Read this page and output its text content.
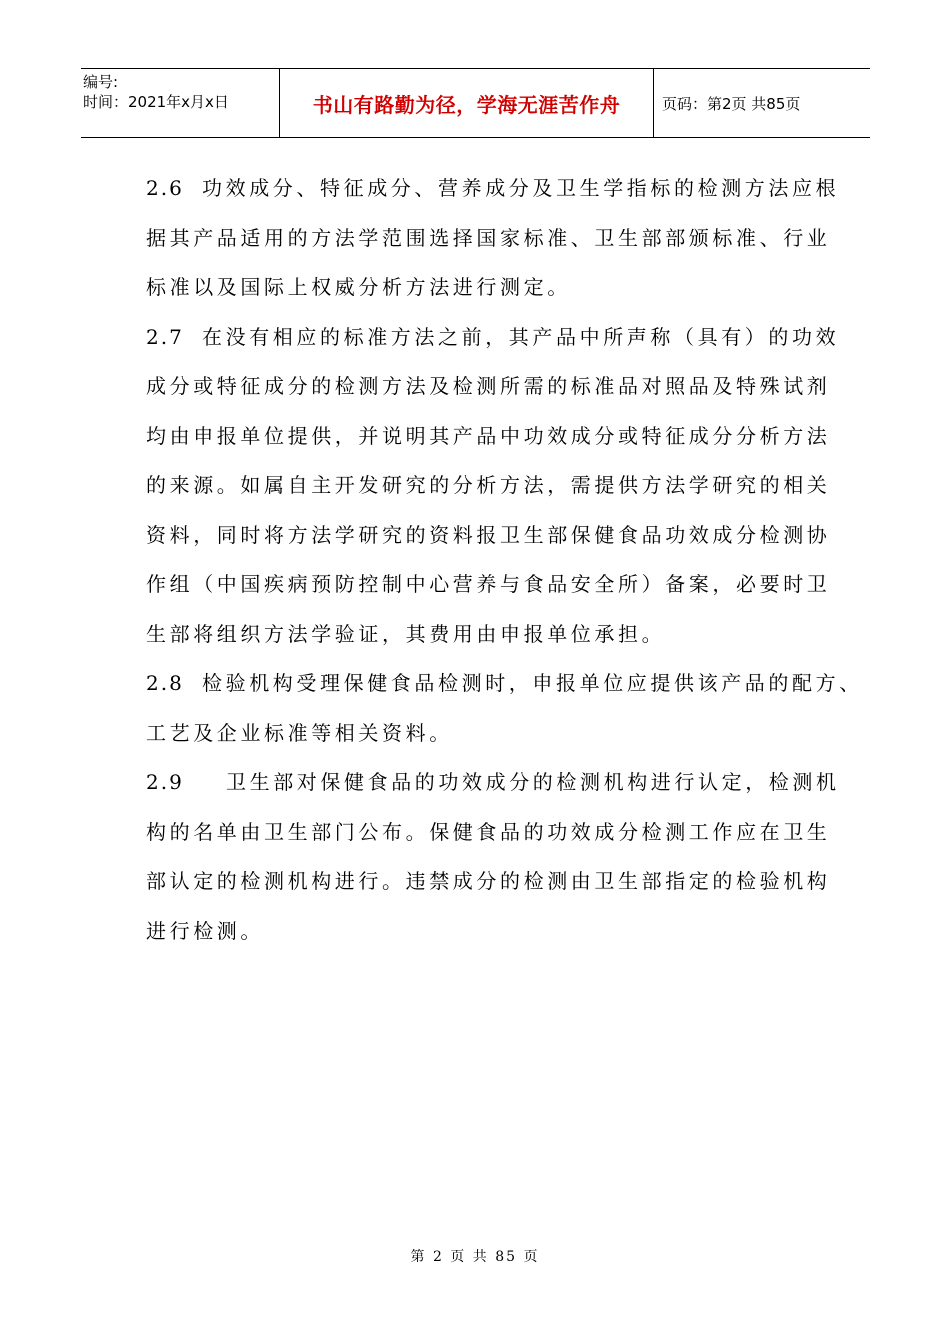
编号:
时间：2021年x月x日	书山有路勤为径，学海无涯苦作舟	页码：第2页 共85页
2.6 功效成分、特征成分、营养成分及卫生学指标的检测方法应根
据其产品适用的方法学范围选择国家标准、卫生部部颁标准、行业
标准以及国际上权威分析方法进行测定。
2.7 在没有相应的标准方法之前，其产品中所声称（具有）的功效
成分或特征成分的检测方法及检测所需的标准品对照品及特殊试剂
均由申报单位提供，并说明其产品中功效成分或特征成分分析方法
的来源。如属自主开发研究的分析方法，需提供方法学研究的相关
资料，同时将方法学研究的资料报卫生部保健食品功效成分检测协
作组（中国疾病预防控制中心营养与食品安全所）备案，必要时卫
生部将组织方法学验证，其费用由申报单位承担。
2.8 检验机构受理保健食品检测时，申报单位应提供该产品的配方、
工艺及企业标准等相关资料。
2.9 卫生部对保健食品的功效成分的检测机构进行认定，检测机
构的名单由卫生部门公布。保健食品的功效成分检测工作应在卫生
部认定的检测机构进行。违禁成分的检测由卫生部指定的检验机构
进行检测。
第 2 页 共 85 页
